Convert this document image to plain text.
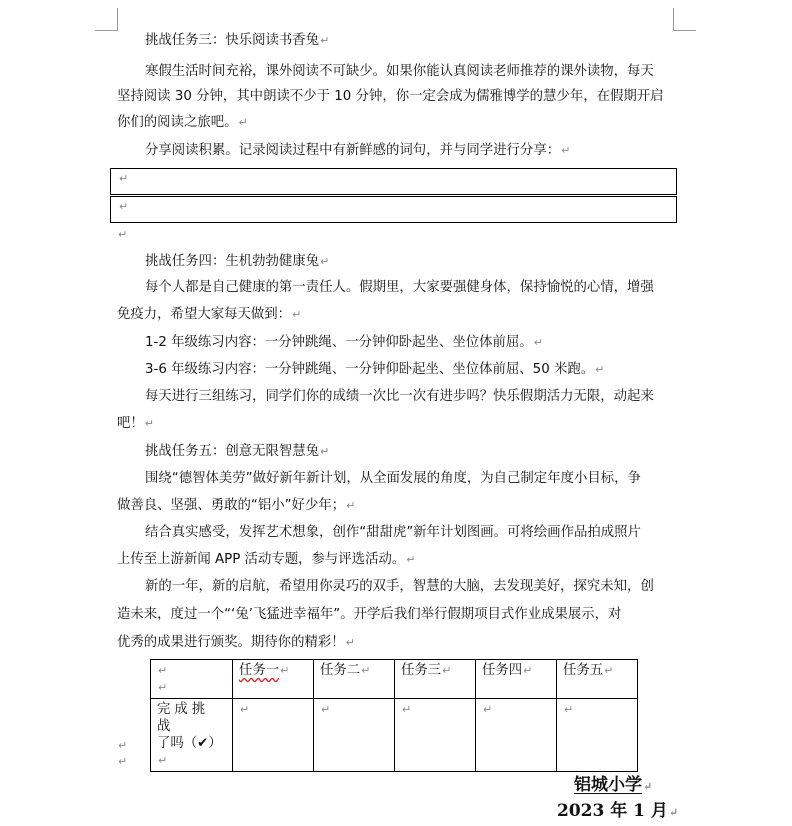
挑战任务三：快乐阅读书香兔↵
寒假生活时间充裕，课外阅读不可缺少。如果你能认真阅读老师推荐的课外读物，每天
坚持阅读 30 分钟，其中朗读不少于 10 分钟，你一定会成为儒雅博学的慧少年，在假期开启
你们的阅读之旅吧。↵
分享阅读积累。记录阅读过程中有新鲜感的词句，并与同学进行分享：↵
↵
↵
↵
挑战任务四：生机勃勃健康兔↵
每个人都是自己健康的第一责任人。假期里，大家要强健身体，保持愉悦的心情，增强
免疫力，希望大家每天做到：↵
1-2 年级练习内容：一分钟跳绳、一分钟仰卧起坐、坐位体前屈。↵
3-6 年级练习内容：一分钟跳绳、一分钟仰卧起坐、坐位体前屈、50 米跑。↵
每天进行三组练习，同学们你的成绩一次比一次有进步吗？快乐假期活力无限，动起来
吧！↵
挑战任务五：创意无限智慧兔↵
围绕“德智体美劳”做好新年新计划，从全面发展的角度，为自己制定年度小目标，争
做善良、坚强、勇敢的“铝小”好少年；↵
结合真实感受，发挥艺术想象，创作“甜甜虎”新年计划图画。可将绘画作品拍成照片
上传至上游新闻 APP 活动专题，参与评选活动。↵
新的一年，新的启航，希望用你灵巧的双手，智慧的大脑，去发现美好，探究未知，创
造未来，度过一个“‘兔’飞猛进幸福年”。开学后我们举行假期项目式作业成果展示，对
优秀的成果进行颁奖。期待你的精彩！↵
↵
↵	任务一↵	任务二↵	任务三↵	任务四↵	任务五↵
完成挑战
了吗（✔）↵	↵	↵	↵	↵	↵
↵
↵
铝城小学↵
2023 年 1 月↵
